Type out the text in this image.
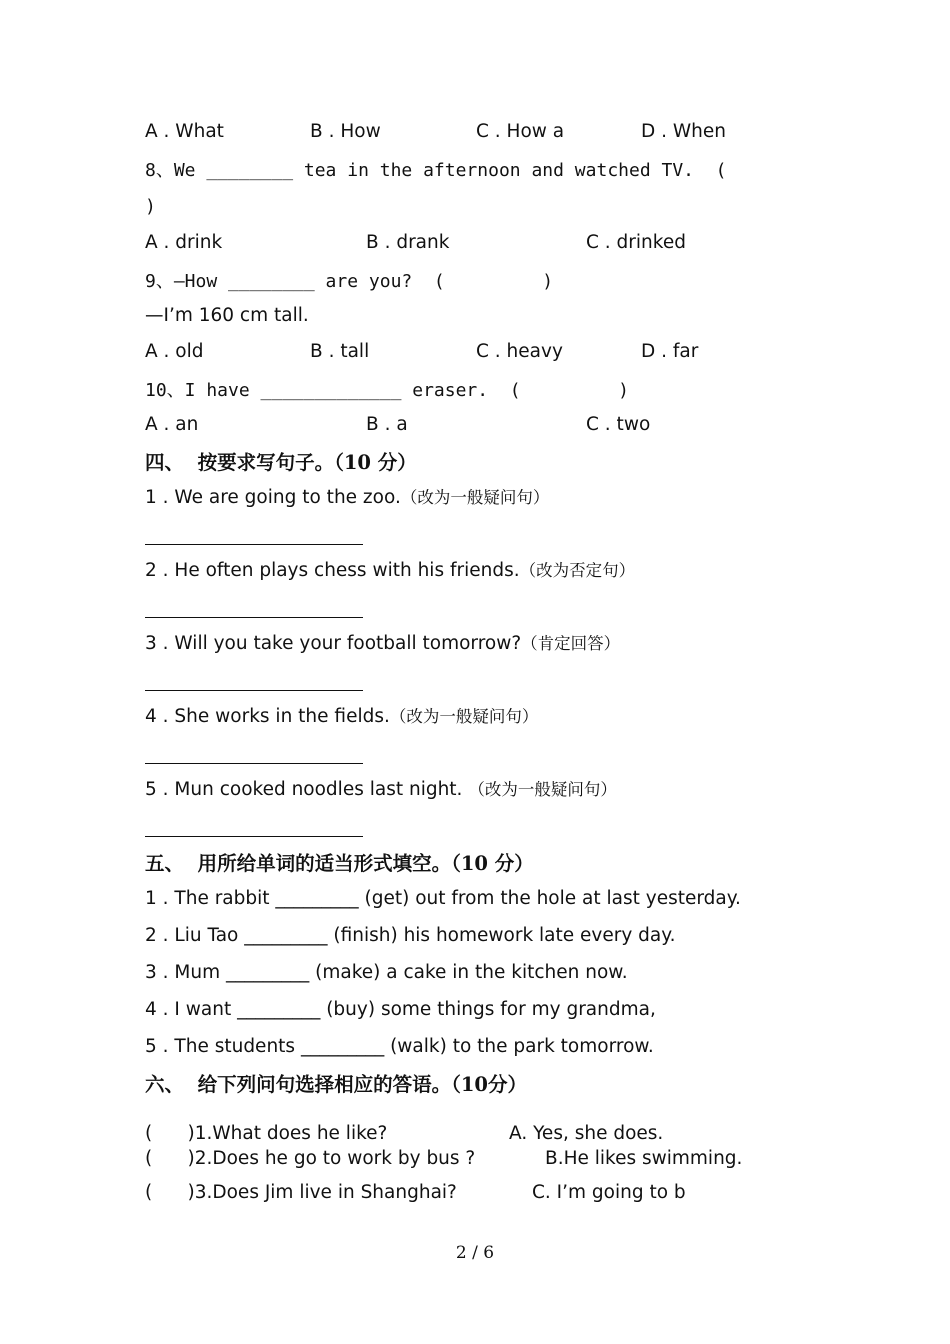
A . What	B . How	C . How a	D . When
8、We ________ tea in the afternoon and watched TV.  (
)
A . drink	B . drank	C . drinked
9、—How ________ are you?  (         )
—I’m 160 cm tall.
A . old	B . tall	C . heavy	D . far
10、I have _____________ eraser.  (         )
A . an	B . a	C . two
四、  按要求写句子。（10 分）
1 . We are going to the zoo.（改为一般疑问句）
2 . He often plays chess with his friends.（改为否定句）
3 . Will you take your football tomorrow?（肯定回答）
4 . She works in the fields.（改为一般疑问句）
5 . Mun cooked noodles last night. （改为一般疑问句）
五、  用所给单词的适当形式填空。（10 分）
1 . The rabbit _________ (get) out from the hole at last yesterday.
2 . Liu Tao _________ (finish) his homework late every day.
3 . Mum _________ (make) a cake in the kitchen now.
4 . I want _________ (buy) some things for my grandma,
5 . The students _________ (walk) to the park tomorrow.
六、  给下列问句选择相应的答语。（10分）
(      )1.What does he like?	A. Yes, she does.
(      )2.Does he go to work by bus ?	B.He likes swimming.
(      )3.Does Jim live in Shanghai?	C. I’m going to b
2 / 6
